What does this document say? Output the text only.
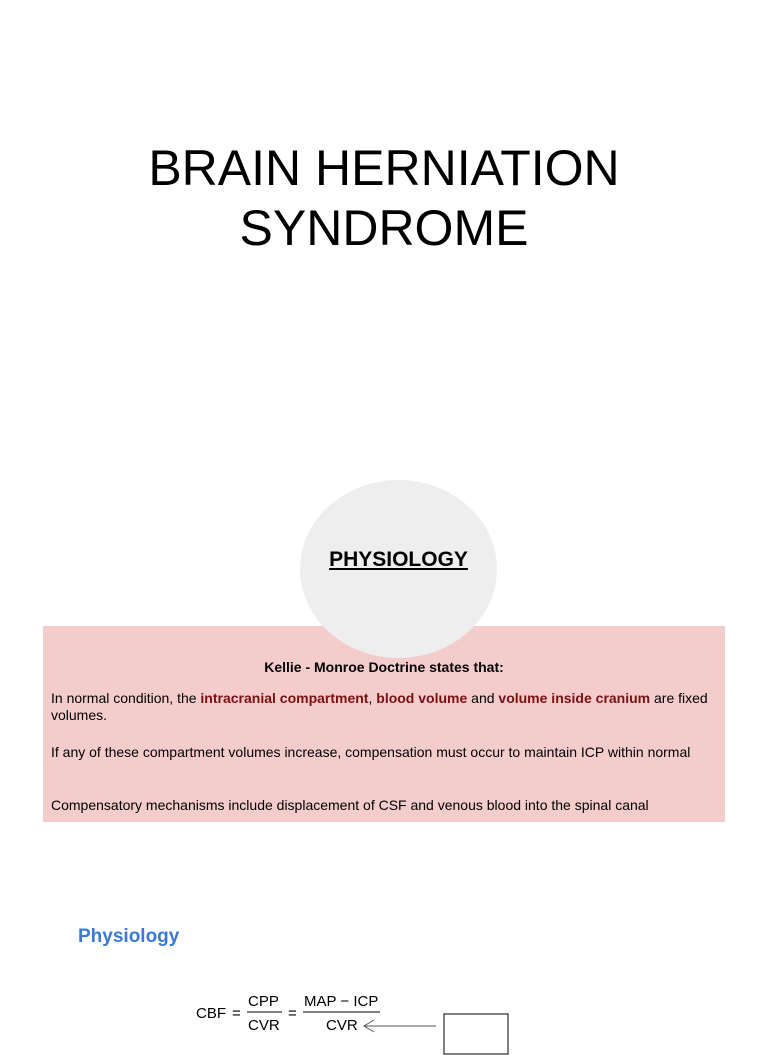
BRAIN HERNIATION
SYNDROME
PHYSIOLOGY
Kellie - Monroe Doctrine states that:
In normal condition, the intracranial compartment, blood volume and volume inside cranium are fixed volumes.
If any of these compartment volumes increase, compensation must occur to maintain ICP within normal
Compensatory mechanisms include displacement of CSF and venous blood into the spinal canal
Physiology
CBF =
CPP
CVR
=
MAP − ICP
CVR
